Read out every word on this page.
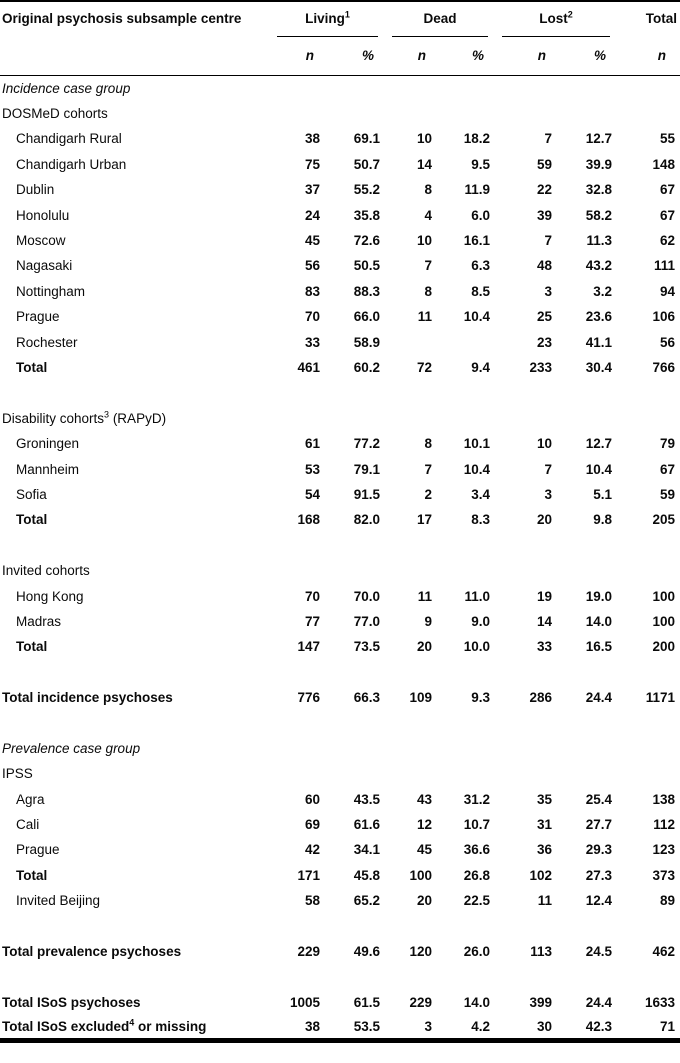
Original psychosis subsample centre	Living$^1$		Dead		Lost$^2$		Total
	n	%	n	%	n	%	n
Incidence case group							
DOSMeD cohorts							
Chandigarh Rural	38	69.1	10	18.2	7	12.7	55
Chandigarh Urban	75	50.7	14	9.5	59	39.9	148
Dublin	37	55.2	8	11.9	22	32.8	67
Honolulu	24	35.8	4	6.0	39	58.2	67
Moscow	45	72.6	10	16.1	7	11.3	62
Nagasaki	56	50.5	7	6.3	48	43.2	111
Nottingham	83	88.3	8	8.5	3	3.2	94
Prague	70	66.0	11	10.4	25	23.6	106
Rochester	33	58.9			23	41.1	56
Total	461	60.2	72	9.4	233	30.4	766

Disability cohorts$^3$ (RAPyD)							
Groningen	61	77.2	8	10.1	10	12.7	79
Mannheim	53	79.1	7	10.4	7	10.4	67
Sofia	54	91.5	2	3.4	3	5.1	59
Total	168	82.0	17	8.3	20	9.8	205

Invited cohorts							
Hong Kong	70	70.0	11	11.0	19	19.0	100
Madras	77	77.0	9	9.0	14	14.0	100
Total	147	73.5	20	10.0	33	16.5	200

Total incidence psychoses	776	66.3	109	9.3	286	24.4	1171

Prevalence case group							
IPSS							
Agra	60	43.5	43	31.2	35	25.4	138
Cali	69	61.6	12	10.7	31	27.7	112
Prague	42	34.1	45	36.6	36	29.3	123
Total	171	45.8	100	26.8	102	27.3	373
Invited Beijing	58	65.2	20	22.5	11	12.4	89

Total prevalence psychoses	229	49.6	120	26.0	113	24.5	462

Total ISoS psychoses	1005	61.5	229	14.0	399	24.4	1633
Total ISoS excluded$^4$ or missing	38	53.5	3	4.2	30	42.3	71
